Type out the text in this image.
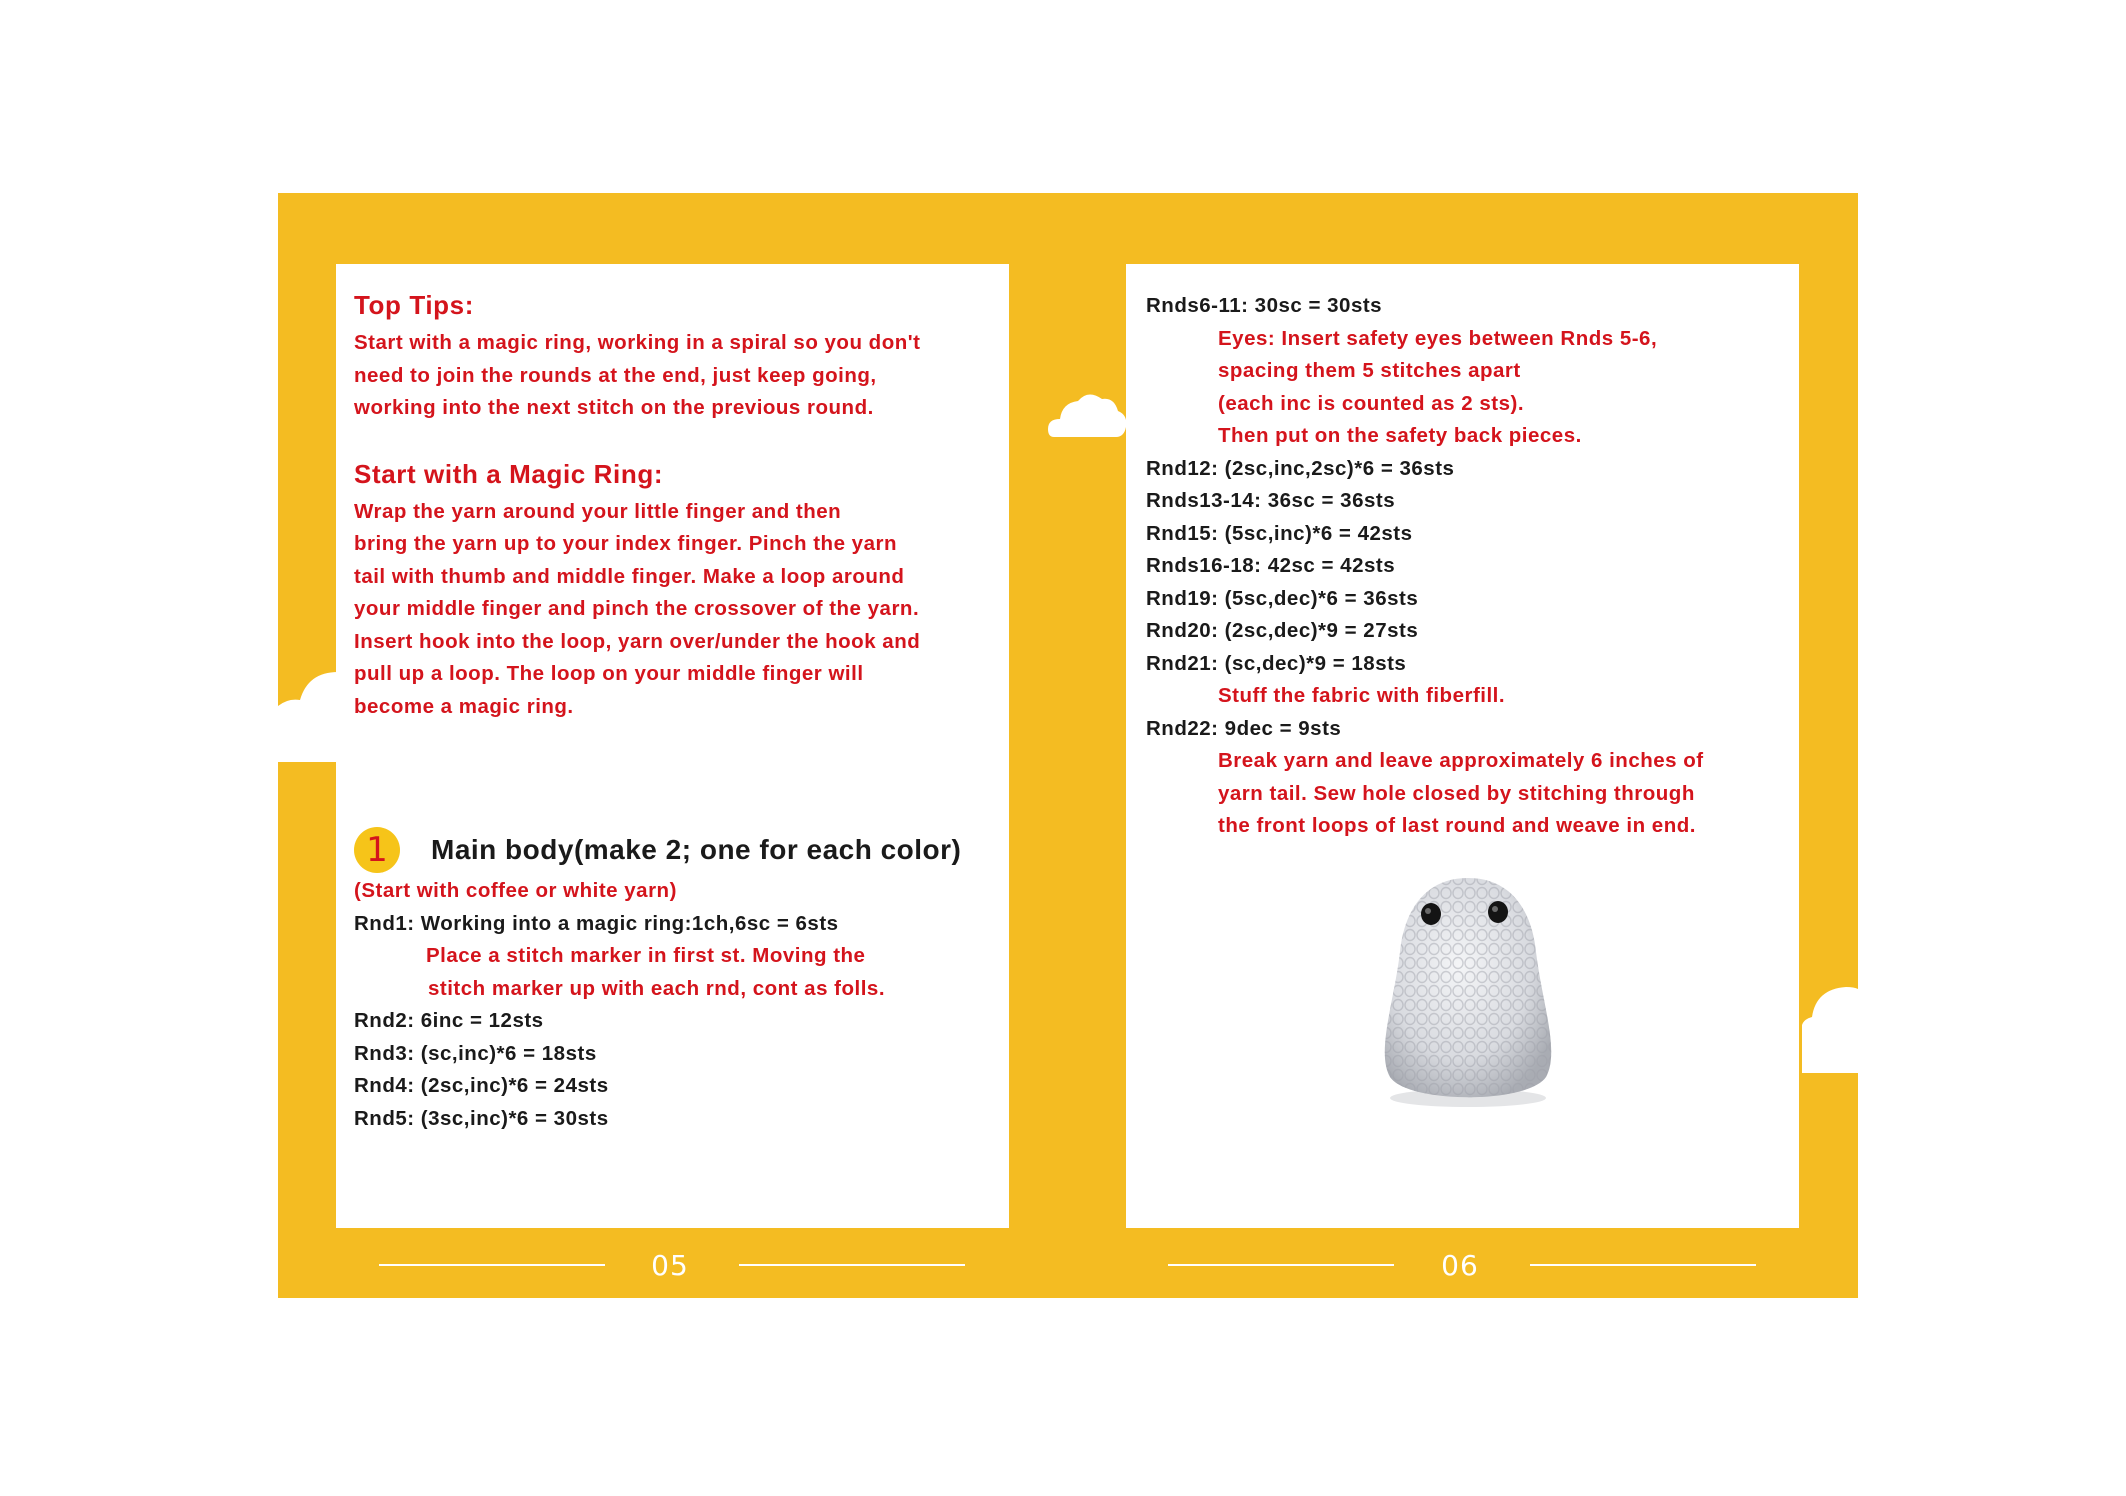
Top Tips:
Start with a magic ring, working in a spiral so you don't
need to join the rounds at the end, just keep going,
working into the next stitch on the previous round.
Start with a Magic Ring:
Wrap the yarn around your little finger and then
bring the yarn up to your index finger. Pinch the yarn
tail with thumb and middle finger. Make a loop around
your middle finger and pinch the crossover of the yarn.
Insert hook into the loop, yarn over/under the hook and
pull up a loop. The loop on your middle finger will
become a magic ring.
1	Main body(make 2; one for each color)
(Start with coffee or white yarn)
Rnd1: Working into a magic ring:1ch,6sc = 6sts
Place a stitch marker in first st. Moving the
stitch marker up with each rnd, cont as folls.
Rnd2: 6inc = 12sts
Rnd3: (sc,inc)*6 = 18sts
Rnd4: (2sc,inc)*6 = 24sts
Rnd5: (3sc,inc)*6 = 30sts
Rnds6-11: 30sc = 30sts
Eyes: Insert safety eyes between Rnds 5-6,
spacing them 5 stitches apart
(each inc is counted as 2 sts).
Then put on the safety back pieces.
Rnd12: (2sc,inc,2sc)*6 = 36sts
Rnds13-14: 36sc = 36sts
Rnd15: (5sc,inc)*6 = 42sts
Rnds16-18: 42sc = 42sts
Rnd19: (5sc,dec)*6 = 36sts
Rnd20: (2sc,dec)*9 = 27sts
Rnd21: (sc,dec)*9 = 18sts
Stuff the fabric with fiberfill.
Rnd22: 9dec = 9sts
Break yarn and leave approximately 6 inches of
yarn tail. Sew hole closed by stitching through
the front loops of last round and weave in end.
05	06
